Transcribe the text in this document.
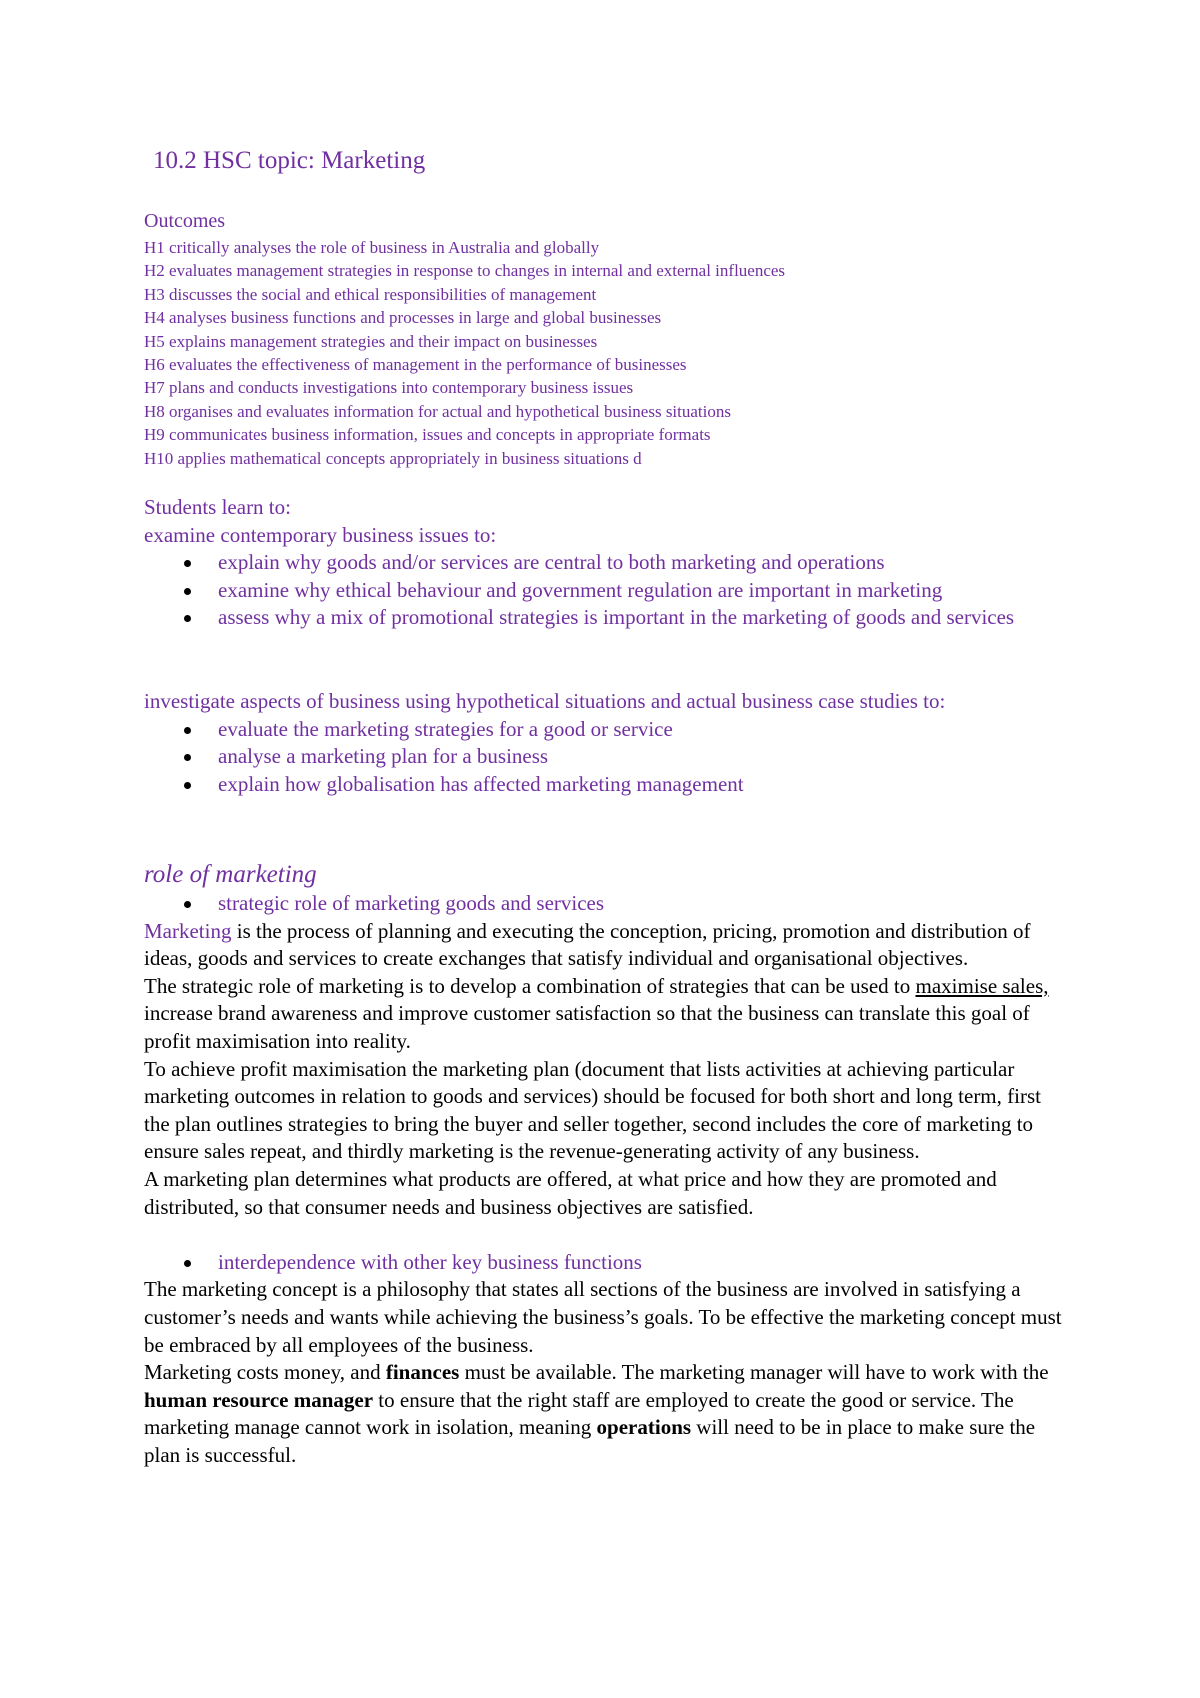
10.2 HSC topic: Marketing
Outcomes
H1 critically analyses the role of business in Australia and globally
H2 evaluates management strategies in response to changes in internal and external influences
H3 discusses the social and ethical responsibilities of management
H4 analyses business functions and processes in large and global businesses
H5 explains management strategies and their impact on businesses
H6 evaluates the effectiveness of management in the performance of businesses
H7 plans and conducts investigations into contemporary business issues
H8 organises and evaluates information for actual and hypothetical business situations
H9 communicates business information, issues and concepts in appropriate formats
H10 applies mathematical concepts appropriately in business situations d

Students learn to:

examine contemporary business issues to:

explain why goods and/or services are central to both marketing and operations
examine why ethical behaviour and government regulation are important in marketing
assess why a mix of promotional strategies is important in the marketing of goods and services

investigate aspects of business using hypothetical situations and actual business case studies to:

evaluate the marketing strategies for a good or service
analyse a marketing plan for a business
explain how globalisation has affected marketing management

role of marketing

strategic role of marketing goods and services

Marketing is the process of planning and executing the conception, pricing, promotion and distribution of ideas, goods and services to create exchanges that satisfy individual and organisational objectives.

The strategic role of marketing is to develop a combination of strategies that can be used to maximise sales, increase brand awareness and improve customer satisfaction so that the business can translate this goal of profit maximisation into reality.

To achieve profit maximisation the marketing plan (document that lists activities at achieving particular marketing outcomes in relation to goods and services) should be focused for both short and long term, first the plan outlines strategies to bring the buyer and seller together, second includes the core of marketing to ensure sales repeat, and thirdly marketing is the revenue-generating activity of any business.

A marketing plan determines what products are offered, at what price and how they are promoted and distributed, so that consumer needs and business objectives are satisfied.

interdependence with other key business functions

The marketing concept is a philosophy that states all sections of the business are involved in satisfying a customer’s needs and wants while achieving the business’s goals. To be effective the marketing concept must be embraced by all employees of the business.

Marketing costs money, and finances must be available. The marketing manager will have to work with the human resource manager to ensure that the right staff are employed to create the good or service. The marketing manage cannot work in isolation, meaning operations will need to be in place to make sure the plan is successful.
